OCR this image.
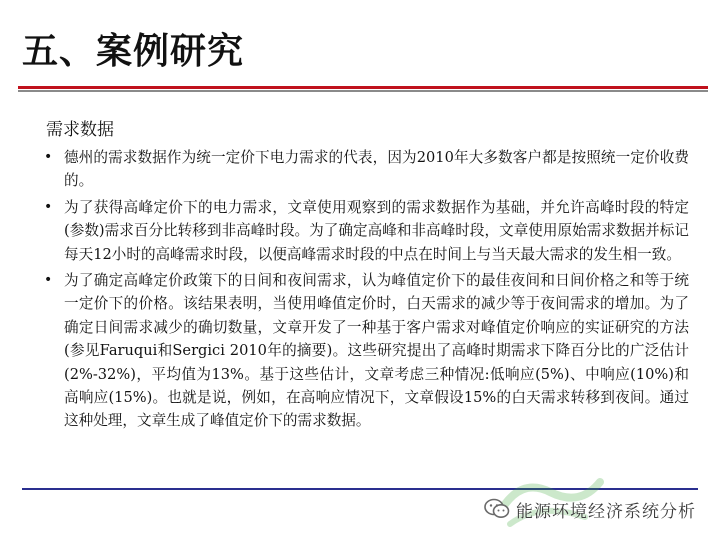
五、案例研究
需求数据
• 德州的需求数据作为统一定价下电力需求的代表，因为2010年大多数客户都是按照统一定价收费的。
• 为了获得高峰定价下的电力需求，文章使用观察到的需求数据作为基础，并允许高峰时段的特定(参数)需求百分比转移到非高峰时段。为了确定高峰和非高峰时段，文章使用原始需求数据并标记每天12小时的高峰需求时段，以便高峰需求时段的中点在时间上与当天最大需求的发生相一致。
• 为了确定高峰定价政策下的日间和夜间需求，认为峰值定价下的最佳夜间和日间价格之和等于统一定价下的价格。该结果表明，当使用峰值定价时，白天需求的减少等于夜间需求的增加。为了确定日间需求减少的确切数量，文章开发了一种基于客户需求对峰值定价响应的实证研究的方法(参见Faruqui和Sergici 2010年的摘要)。这些研究提出了高峰时期需求下降百分比的广泛估计(2%-32%)，平均值为13%。基于这些估计，文章考虑三种情况:低响应(5%)、中响应(10%)和高响应(15%)。也就是说，例如，在高响应情况下，文章假设15%的白天需求转移到夜间。通过这种处理，文章生成了峰值定价下的需求数据。
能源环境经济系统分析
